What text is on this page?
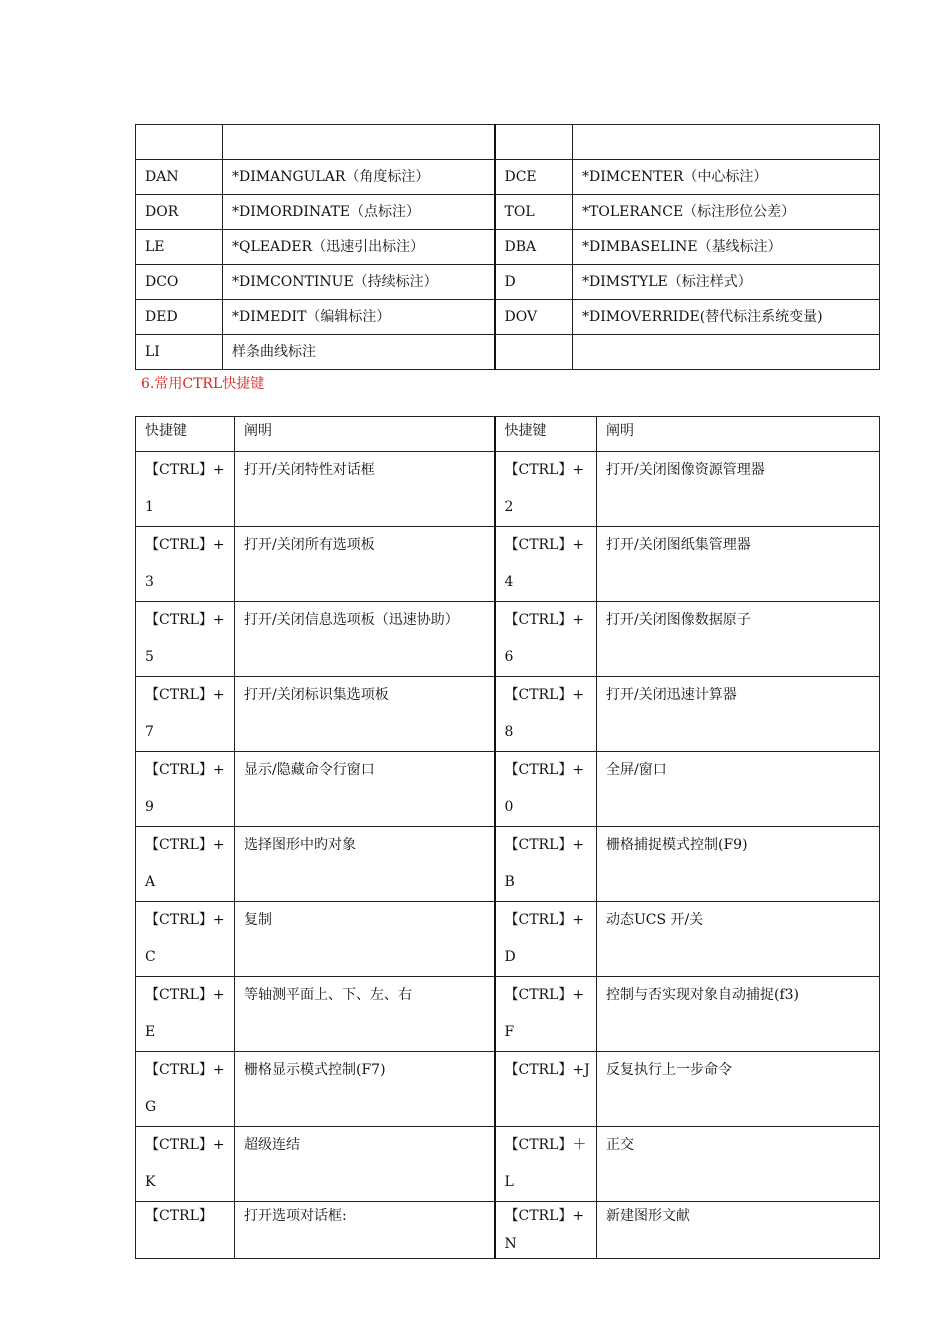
DAN	*DIMANGULAR（角度标注）	DCE	*DIMCENTER（中心标注）
DOR	*DIMORDINATE（点标注）	TOL	*TOLERANCE（标注形位公差）
LE	*QLEADER（迅速引出标注）	DBA	*DIMBASELINE（基线标注）
DCO	*DIMCONTINUE（持续标注）	D	*DIMSTYLE（标注样式）
DED	*DIMEDIT（编辑标注）	DOV	*DIMOVERRIDE(替代标注系统变量)
LI	样条曲线标注		
6.常用CTRL快捷键
快捷键	阐明	快捷键	阐明
【CTRL】+1	打开/关闭特性对话框	【CTRL】+2	打开/关闭图像资源管理器
【CTRL】+3	打开/关闭所有选项板	【CTRL】+4	打开/关闭图纸集管理器
【CTRL】+5	打开/关闭信息选项板（迅速协助）	【CTRL】+6	打开/关闭图像数据原子
【CTRL】+7	打开/关闭标识集选项板	【CTRL】+8	打开/关闭迅速计算器
【CTRL】+9	显示/隐藏命令行窗口	【CTRL】+0	全屏/窗口
【CTRL】+A	选择图形中旳对象	【CTRL】+B	栅格捕捉模式控制(F9)
【CTRL】+C	复制	【CTRL】+D	动态UCS 开/关
【CTRL】+E	等轴测平面上、下、左、右	【CTRL】+F	控制与否实现对象自动捕捉(f3)
【CTRL】+G	栅格显示模式控制(F7)	【CTRL】+J	反复执行上一步命令
【CTRL】+K	超级连结	【CTRL】＋L	正交
【CTRL】	打开选项对话框:	【CTRL】+N	新建图形文献
